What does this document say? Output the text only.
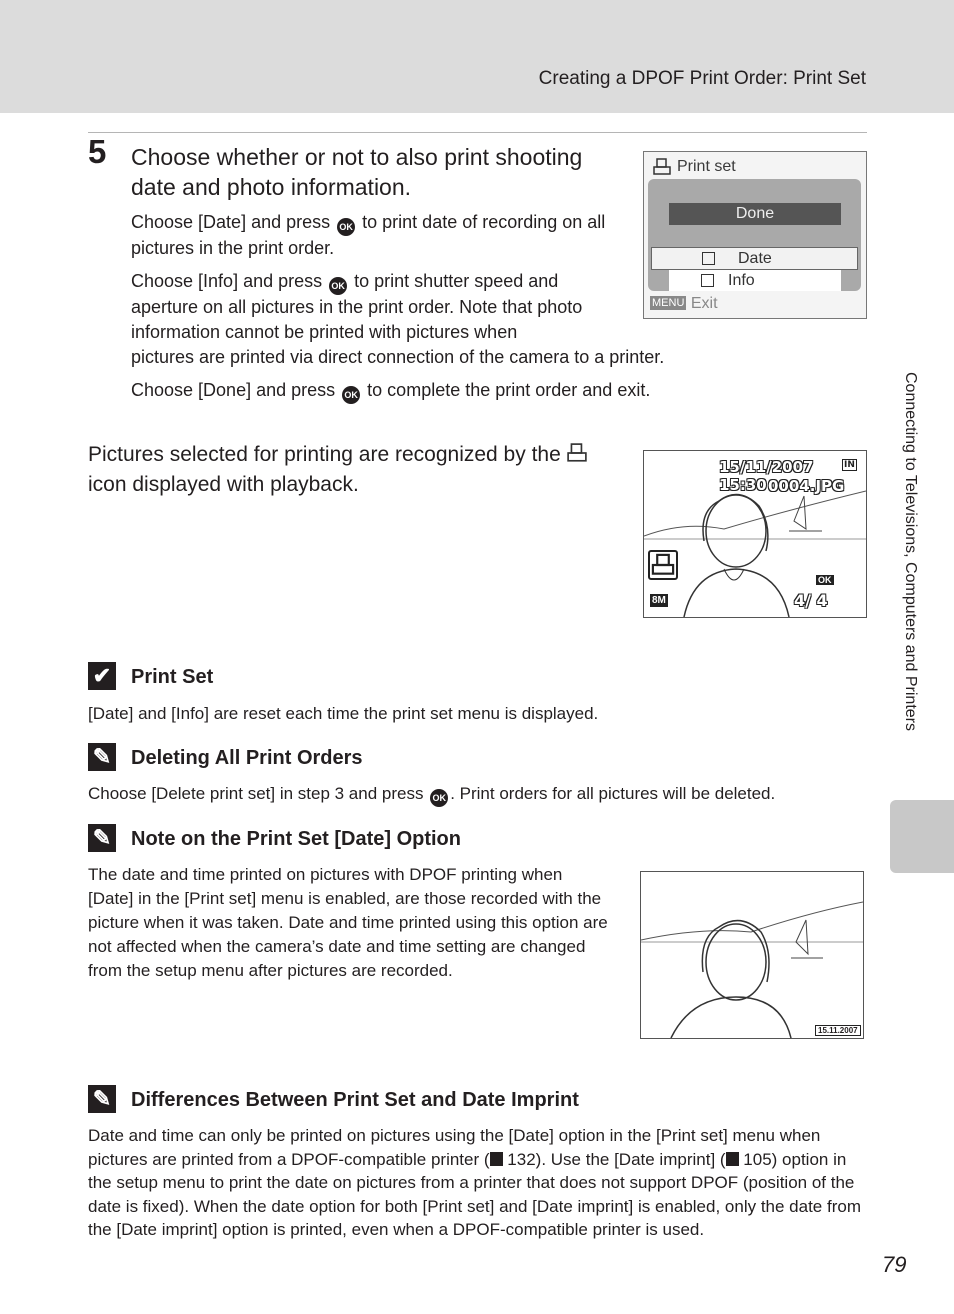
Creating a DPOF Print Order: Print Set
Connecting to Televisions, Computers and Printers
5 Choose whether or not to also print shooting date and photo information.
Choose [Date] and press OK to print date of recording on all pictures in the print order.
Choose [Info] and press OK to print shutter speed and aperture on all pictures in the print order. Note that photo information cannot be printed with pictures when
pictures are printed via direct connection of the camera to a printer.
Choose [Done] and press OK to complete the print order and exit.
Print set
Done
Date
Info
MENU Exit
Pictures selected for printing are recognized by the  icon displayed with playback.
15/11/2007 15:30
IN
0004.JPG
8M
OK
4/ 4
✔ Print Set
[Date] and [Info] are reset each time the print set menu is displayed.
✎ Deleting All Print Orders
Choose [Delete print set] in step 3 and press OK . Print orders for all pictures will be deleted.
✎ Note on the Print Set [Date] Option
The date and time printed on pictures with DPOF printing when [Date] in the [Print set] menu is enabled, are those recorded with the picture when it was taken. Date and time printed using this option are not affected when the camera’s date and time setting are changed from the setup menu after pictures are recorded.
15.11.2007
✎ Differences Between Print Set and Date Imprint
Date and time can only be printed on pictures using the [Date] option in the [Print set] menu when pictures are printed from a DPOF-compatible printer ( 132). Use the [Date imprint] ( 105) option in the setup menu to print the date on pictures from a printer that does not support DPOF (position of the date is fixed). When the date option for both [Print set] and [Date imprint] is enabled, only the date from the [Date imprint] option is printed, even when a DPOF-compatible printer is used.
79
